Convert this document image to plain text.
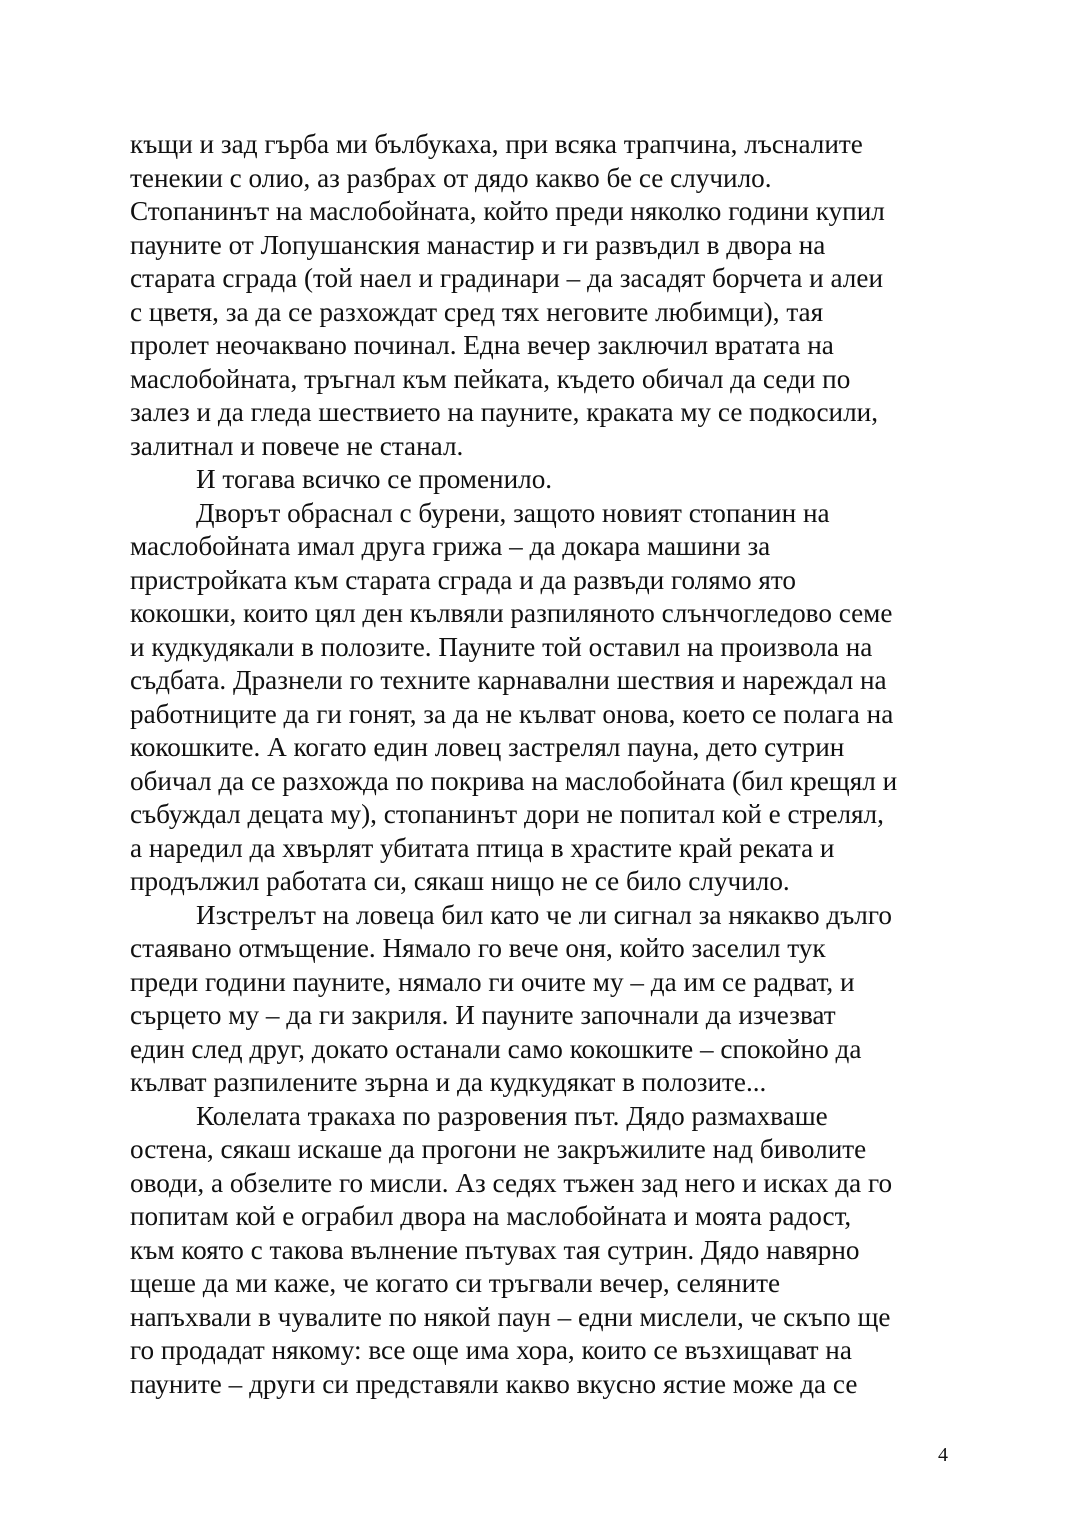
къщи и зад гърба ми бълбукаха, при всяка трапчина, лъсналите
тенекии с олио, аз разбрах от дядо какво бе се случило.
Стопанинът на маслобойната, който преди няколко години купил
пауните от Лопушанския манастир и ги развъдил в двора на
старата сграда (той наел и градинари – да засадят борчета и алеи
с цветя, за да се разхождат сред тях неговите любимци), тая
пролет неочаквано починал. Една вечер заключил вратата на
маслобойната, тръгнал към пейката, където обичал да седи по
залез и да гледа шествието на пауните, краката му се подкосили,
залитнал и повече не станал.
И тогава всичко се променило.
Дворът обраснал с бурени, защото новият стопанин на
маслобойната имал друга грижа – да докара машини за
пристройката към старата сграда и да развъди голямо ято
кокошки, които цял ден кълвяли разпиляното слънчогледово семе
и кудкудякали в полозите. Пауните той оставил на произвола на
съдбата. Дразнели го техните карнавални шествия и нареждал на
работниците да ги гонят, за да не кълват онова, което се полага на
кокошките. А когато един ловец застрелял пауна, дето сутрин
обичал да се разхожда по покрива на маслобойната (бил крещял и
събуждал децата му), стопанинът дори не попитал кой е стрелял,
а наредил да хвърлят убитата птица в храстите край реката и
продължил работата си, сякаш нищо не се било случило.
Изстрелът на ловеца бил като че ли сигнал за някакво дълго
стаявано отмъщение. Нямало го вече оня, който заселил тук
преди години пауните, нямало ги очите му – да им се радват, и
сърцето му – да ги закриля. И пауните започнали да изчезват
един след друг, докато останали само кокошките – спокойно да
кълват разпилените зърна и да кудкудякат в полозите...
Колелата тракаха по разровения път. Дядо размахваше
остена, сякаш искаше да прогони не закръжилите над биволите
оводи, а обзелите го мисли. Аз седях тъжен зад него и исках да го
попитам кой е ограбил двора на маслобойната и моята радост,
към която с такова вълнение пътувах тая сутрин. Дядо навярно
щеше да ми каже, че когато си тръгвали вечер, селяните
напъхвали в чувалите по някой паун – едни мислели, че скъпо ще
го продадат някому: все още има хора, които се възхищават на
пауните – други си представяли какво вкусно ястие може да се
4
